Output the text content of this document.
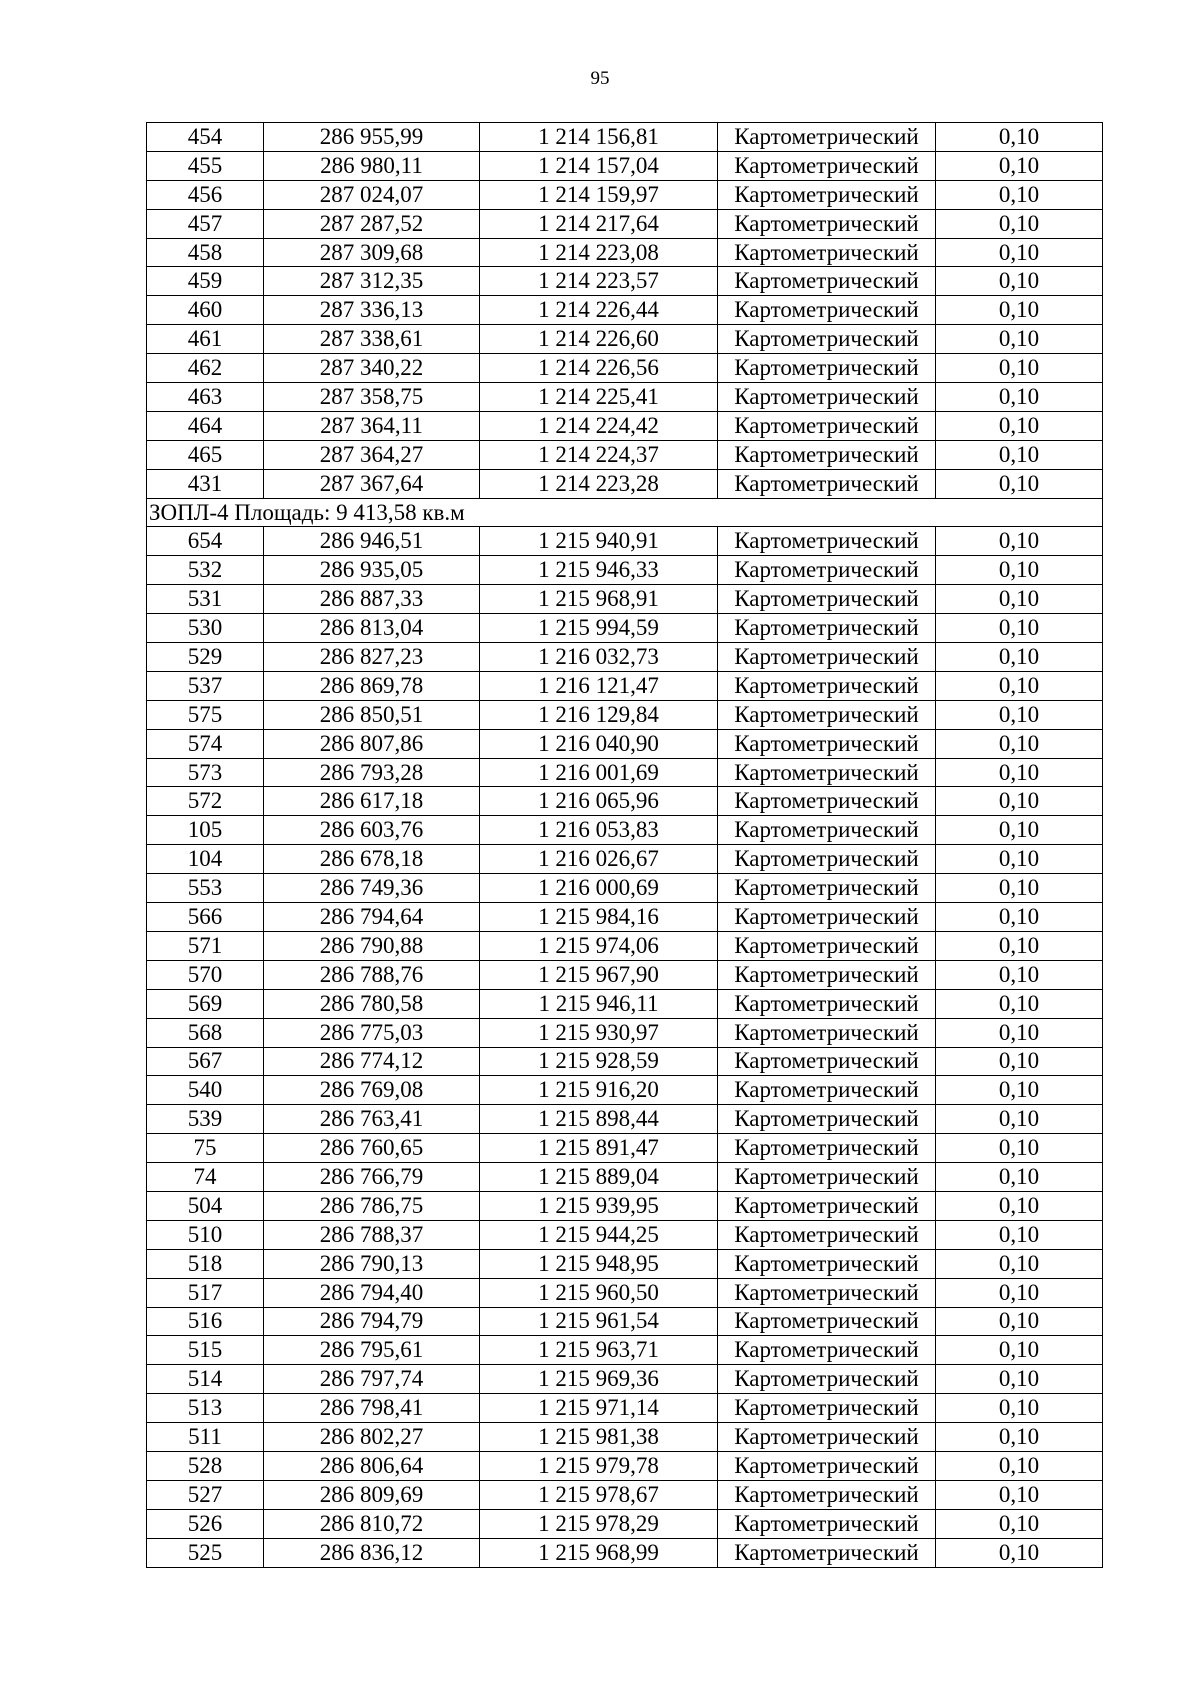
95
454	286 955,99	1 214 156,81	Картометрический	0,10
455	286 980,11	1 214 157,04	Картометрический	0,10
456	287 024,07	1 214 159,97	Картометрический	0,10
457	287 287,52	1 214 217,64	Картометрический	0,10
458	287 309,68	1 214 223,08	Картометрический	0,10
459	287 312,35	1 214 223,57	Картометрический	0,10
460	287 336,13	1 214 226,44	Картометрический	0,10
461	287 338,61	1 214 226,60	Картометрический	0,10
462	287 340,22	1 214 226,56	Картометрический	0,10
463	287 358,75	1 214 225,41	Картометрический	0,10
464	287 364,11	1 214 224,42	Картометрический	0,10
465	287 364,27	1 214 224,37	Картометрический	0,10
431	287 367,64	1 214 223,28	Картометрический	0,10
ЗОПЛ-4 Площадь: 9 413,58 кв.м				
654	286 946,51	1 215 940,91	Картометрический	0,10
532	286 935,05	1 215 946,33	Картометрический	0,10
531	286 887,33	1 215 968,91	Картометрический	0,10
530	286 813,04	1 215 994,59	Картометрический	0,10
529	286 827,23	1 216 032,73	Картометрический	0,10
537	286 869,78	1 216 121,47	Картометрический	0,10
575	286 850,51	1 216 129,84	Картометрический	0,10
574	286 807,86	1 216 040,90	Картометрический	0,10
573	286 793,28	1 216 001,69	Картометрический	0,10
572	286 617,18	1 216 065,96	Картометрический	0,10
105	286 603,76	1 216 053,83	Картометрический	0,10
104	286 678,18	1 216 026,67	Картометрический	0,10
553	286 749,36	1 216 000,69	Картометрический	0,10
566	286 794,64	1 215 984,16	Картометрический	0,10
571	286 790,88	1 215 974,06	Картометрический	0,10
570	286 788,76	1 215 967,90	Картометрический	0,10
569	286 780,58	1 215 946,11	Картометрический	0,10
568	286 775,03	1 215 930,97	Картометрический	0,10
567	286 774,12	1 215 928,59	Картометрический	0,10
540	286 769,08	1 215 916,20	Картометрический	0,10
539	286 763,41	1 215 898,44	Картометрический	0,10
75	286 760,65	1 215 891,47	Картометрический	0,10
74	286 766,79	1 215 889,04	Картометрический	0,10
504	286 786,75	1 215 939,95	Картометрический	0,10
510	286 788,37	1 215 944,25	Картометрический	0,10
518	286 790,13	1 215 948,95	Картометрический	0,10
517	286 794,40	1 215 960,50	Картометрический	0,10
516	286 794,79	1 215 961,54	Картометрический	0,10
515	286 795,61	1 215 963,71	Картометрический	0,10
514	286 797,74	1 215 969,36	Картометрический	0,10
513	286 798,41	1 215 971,14	Картометрический	0,10
511	286 802,27	1 215 981,38	Картометрический	0,10
528	286 806,64	1 215 979,78	Картометрический	0,10
527	286 809,69	1 215 978,67	Картометрический	0,10
526	286 810,72	1 215 978,29	Картометрический	0,10
525	286 836,12	1 215 968,99	Картометрический	0,10
